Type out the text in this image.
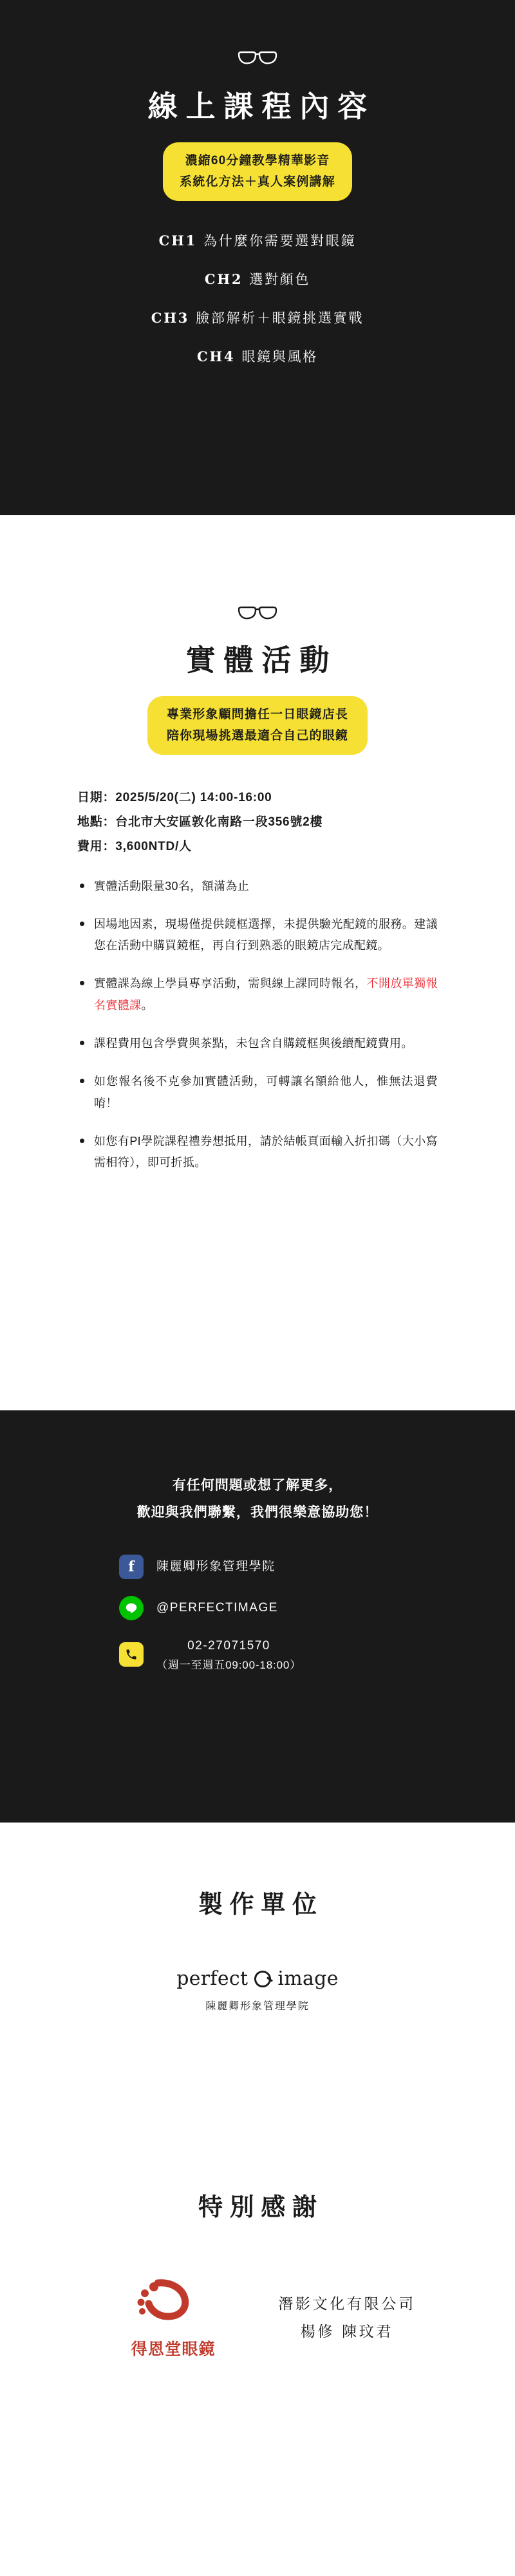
線上課程內容
濃縮60分鐘教學精華影音
系統化方法＋真人案例講解
CH1 為什麼你需要選對眼鏡
CH2 選對顏色
CH3 臉部解析＋眼鏡挑選實戰
CH4 眼鏡與風格
實體活動
專業形象顧問擔任一日眼鏡店長
陪你現場挑選最適合自己的眼鏡
日期：2025/5/20(二) 14:00-16:00
地點：台北市大安區敦化南路一段356號2樓
費用：3,600NTD/人
實體活動限量30名，額滿為止
因場地因素，現場僅提供鏡框選擇，未提供驗光配鏡的服務。建議您在活動中購買鏡框，再自行到熟悉的眼鏡店完成配鏡。
實體課為線上學員專享活動，需與線上課同時報名，不開放單獨報名實體課。
課程費用包含學費與茶點，未包含自購鏡框與後續配鏡費用。
如您報名後不克參加實體活動，可轉讓名額給他人，惟無法退費唷！
如您有PI學院課程禮券想抵用，請於結帳頁面輸入折扣碼（大小寫需相符），即可折抵。
有任何問題或想了解更多，
歡迎與我們聯繫，我們很樂意協助您！
f	陳麗卿形象管理學院
@PERFECTIMAGE
02-27071570
（週一至週五09:00-18:00）
製作單位
perfect image
陳麗卿形象管理學院
特別感謝
得恩堂眼鏡
潛影文化有限公司
楊修 陳玟君
